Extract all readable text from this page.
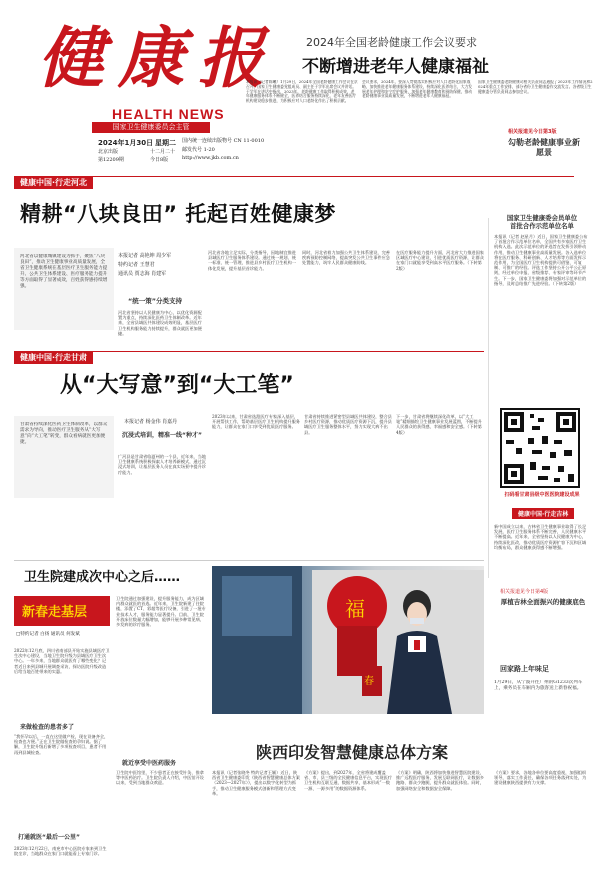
健康报
HEALTH NEWS
国家卫生健康委员会主管
2024年1月30日 星期二
北京出版	十二月二十
第12209期	今日8版
国内统一连续出版物号 CN 11-0010
邮发代号 1-20
http://www.jkb.com.cn
2024年全国老龄健康工作会议要求
不断增进老年人健康福祉
本报讯（记者陈曦）1月29日，2024年全国老龄健康工作会议在京召开。国家卫生健康委党组成员、副主任于学军出席会议并讲话。于学军在讲话中指出，2023年，老龄健康工作取得积极成效，老年健康服务体系不断健全，医养结合服务持续深化，老年友善医疗机构建设稳步推进，为积极应对人口老龄化作出了积极贡献。
会议要求，2024年，要深入贯彻落实积极应对人口老龄化国家战略，加快推进老年健康服务体系建设，持续深化医养结合，大力发展老年护理和安宁疗护服务，加强老年健康教育和预防保健，推动老龄健康事业高质量发展，不断增进老年人健康福祉。
国家卫生健康委老龄健康司相关负责同志通报了2023年工作情况和2024年重点工作安排，部分省份卫生健康委作交流发言。各省级卫生健康委分管负责同志参加会议。
相关报道见今日第3版
勾勒老龄健康事业新愿景
健康中国·行走河北
精耕“八块良田” 托起百姓健康梦
河北省以健康城镇建设为抓手，聚焦“八块良田”，推动卫生健康事业高质量发展，全省卫生健康系统在基层医疗卫生服务能力提升、公共卫生体系建设、医疗服务能力提升等方面取得了显著成效，百姓获得感持续增强。
本报记者 高艳坤 周少军
特约记者 王慧君
通讯员 贾志海 肖建军
“统一策”分类支持
河北省坚持以人民健康为中心，以优化资源配置为重点，持续深化医药卫生体制改革。近年来，全省县域医共体建设成效明显，基层医疗卫生机构服务能力持续提升，群众就医更加便捷。
河北省各地立足实际，分类指导，因地制宜推进县域医疗卫生服务体系建设。通过统一规划、统一标准、统一管理，推进县乡村医疗卫生机构一体化发展，提升基层首诊能力。
同时，河北省着力加强公共卫生体系建设，完善疾病预防控制网络，提高突发公共卫生事件应急处置能力，筑牢人民群众健康防线。
在医疗服务能力提升方面，河北省大力推进国家区域医疗中心建设，引进优质医疗资源，让群众在家门口就能享受到高水平医疗服务。（下转第2版）
国家卫生健康委会员单位
首批合作示范单位名单
本报讯（记者 赵星月）近日，国家卫生健康委公布了首批合作示范单位名单，全国共有多家医疗卫生机构入选。此次示范单位的评选旨在发挥引领带动作用，推动卫生健康事业高质量发展。各入选单位将在医疗服务、科研创新、人才培养等方面发挥示范作用，为全国医疗卫生机构提供可借鉴、可复制、可推广的经验。评选工作坚持公开公平公正原则，经过单位申报、省级推荐、专家评审等环节产生。下一步，国家卫生健康委将加强对示范单位的指导，及时总结推广先进经验。（下转第2版）
健康中国·行走甘肃
从“大写意”到“大工笔”
甘肃省持续深化医药卫生体制改革，以群众需求为导向，推动医疗卫生服务从“大写意”向“大工笔”转变，群众看病就医更加便捷。
本报记者 杨金伟 肖嘉丹
沉浸式培训，精准一线“种才”
广河县是甘肃省临夏州的一个县，近年来，当地卫生健康系统积极探索人才培养新模式，通过沉浸式培训，让基层医务人员在真实场景中提升诊疗能力。
2023年以来，甘肃省选派医疗专家深入基层，开展帮扶工作，帮助基层医疗卫生机构提升服务能力，让群众在家门口享受到优质医疗服务。
甘肃省持续推进紧密型县域医共体建设，整合县乡村医疗资源，推动优质医疗资源下沉，提升县域医疗卫生服务整体水平，努力实现大病不出县。
下一步，甘肃省将继续深化改革，以“大工笔”精细描绘卫生健康事业发展蓝图，不断提升人民群众的获得感、幸福感和安全感。（下转第4版）
扫码看甘肃县级中医医院建设成果
健康中国·行走吉林
新中国成立以来，吉林省卫生健康事业取得了长足发展，医疗卫生服务体系不断完善，人民健康水平不断提高。近年来，全省坚持以人民健康为中心，持续深化医改，推动优质医疗资源扩容下沉和区域均衡布局，群众健康获得感不断增强。
相关报道见今日第4版
厚植吉林全面振兴的健康底色
卫生院建成次中心之后……
新春走基层
□特约记者 白扬 通讯员 何发斌
2022年12月底，四川省南部县开始实施县域医疗卫生次中心建设，当地卫生院升级为县域医疗卫生次中心。一年多来，当地群众就医有了哪些变化？记者近日来到县城开展调查采访，探访医院升级改造后给当地百姓带来的实惠。
来做检查的患者多了
“我怀孕以后，一直在这里做产检，现在设备齐全，检查也方便。”正在卫生院做检查的孕妇说。据了解，卫生院升级后新增了多项检查项目，患者不用再到县城检查。
打通就医“最后一公里”
2023年12月22日，南充市中心医院专家来到卫生院坐诊，当地群众在家门口就能看上专家门诊。
卫生院通过加强建设，提升服务能力，成为区域内群众就医的首选。近年来，卫生院新建了住院楼，添置了CT、彩超等医疗设备，引进了一批专业技术人才，服务能力显著提升。目前，卫生院开放床位数量大幅增加，能够开展多种常见病、多发病的诊疗服务。
就近享受中医药服务
卫生院中医馆里，不少患者正在接受针灸、推拿等中医药治疗。卫生院负责人介绍，中医馆开设以来，受到当地群众欢迎。
福
春
回家路上年味足
1月29日，从宁波开往广州的G1233次列车上，乘务员在车厢内为旅客送上新春祝福。
陕西印发智慧健康总体方案
本报讯（记者张晓冬 特约记者王颖）近日，陕西省卫生健康委印发《陕西省智慧健康总体方案（2023—2027年）》，提出以数字化转型为抓手，推动卫生健康服务模式创新和管理方式变革。
《方案》提出，到2027年，全省将建成覆盖省、市、县三级的全民健康信息平台，实现医疗卫生机构互联互通，数据共享，基本形成“一数一源、一源多用”的数据资源体系。
《方案》明确，陕西将加快推进智慧医院建设，推广远程医疗服务，发展互联网医疗，让数据多跑路、群众少跑腿，提升群众就医体验。同时，加强网络安全和数据安全保障。
《方案》要求，各地各单位要高度重视，加强组织领导，落实工作责任，确保各项任务落到实处，为建设健康陕西提供有力支撑。
